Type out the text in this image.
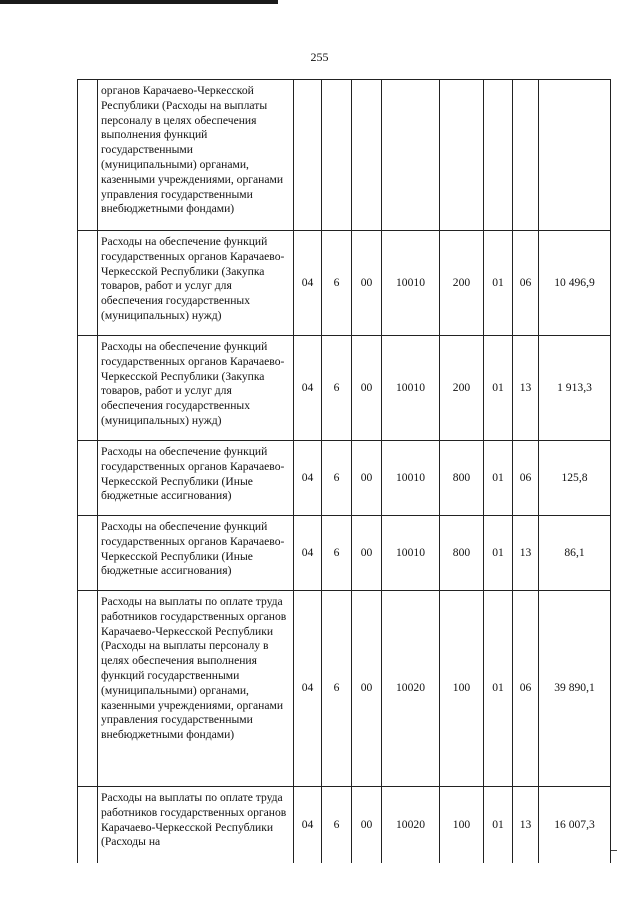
255
	органов Карачаево-Черкесской Республики (Расходы на выплаты персоналу в целях обеспечения выполнения функций государственными (муниципальными) органами, казенными учреждениями, органами управления государственными внебюджетными фондами)								
	Расходы на обеспечение функций государственных органов Карачаево-Черкесской Республики (Закупка товаров, работ и услуг для обеспечения государственных (муниципальных) нужд)	04	6	00	10010	200	01	06	10 496,9
	Расходы на обеспечение функций государственных органов Карачаево-Черкесской Республики (Закупка товаров, работ и услуг для обеспечения государственных (муниципальных) нужд)	04	6	00	10010	200	01	13	1 913,3
	Расходы на обеспечение функций государственных органов Карачаево-Черкесской Республики (Иные бюджетные ассигнования)	04	6	00	10010	800	01	06	125,8
	Расходы на обеспечение функций государственных органов Карачаево-Черкесской Республики (Иные бюджетные ассигнования)	04	6	00	10010	800	01	13	86,1
	Расходы на выплаты по оплате труда работников государственных органов Карачаево-Черкесской Республики (Расходы на выплаты персоналу в целях обеспечения выполнения функций государственными (муниципальными) органами, казенными учреждениями, органами управления государственными внебюджетными фондами)	04	6	00	10020	100	01	06	39 890,1
	Расходы на выплаты по оплате труда работников государственных органов Карачаево-Черкесской Республики (Расходы на	04	6	00	10020	100	01	13	16 007,3
